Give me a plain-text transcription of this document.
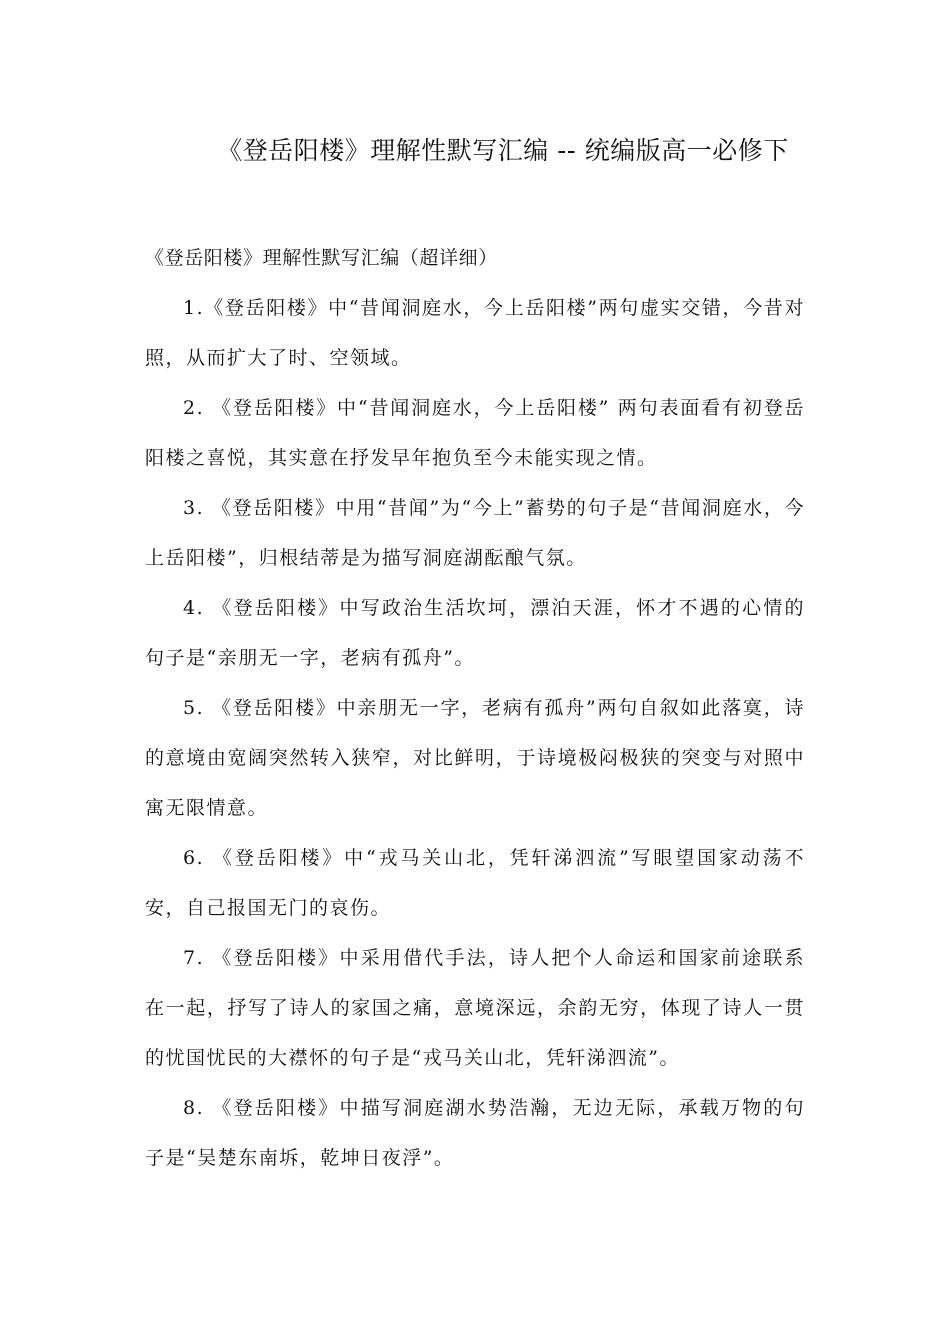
《登岳阳楼》理解性默写汇编 -- 统编版高一必修下

《登岳阳楼》理解性默写汇编（超详细）

1.《登岳阳楼》中“昔闻洞庭水，今上岳阳楼”两句虚实交错，今昔对照，从而扩大了时、空领域。

2. 《登岳阳楼》中“昔闻洞庭水，今上岳阳楼” 两句表面看有初登岳阳楼之喜悦，其实意在抒发早年抱负至今未能实现之情。

3. 《登岳阳楼》中用“昔闻”为“今上”蓄势的句子是“昔闻洞庭水，今上岳阳楼”，归根结蒂是为描写洞庭湖酝酿气氛。

4. 《登岳阳楼》中写政治生活坎坷，漂泊天涯，怀才不遇的心情的句子是“亲朋无一字，老病有孤舟”。

5. 《登岳阳楼》中亲朋无一字，老病有孤舟”两句自叙如此落寞，诗的意境由宽阔突然转入狭窄，对比鲜明，于诗境极闷极狭的突变与对照中寓无限情意。

6. 《登岳阳楼》中“戎马关山北，凭轩涕泗流”写眼望国家动荡不安，自己报国无门的哀伤。

7. 《登岳阳楼》中采用借代手法，诗人把个人命运和国家前途联系在一起，抒写了诗人的家国之痛，意境深远，余韵无穷，体现了诗人一贯的忧国忧民的大襟怀的句子是“戎马关山北，凭轩涕泗流”。

8. 《登岳阳楼》中描写洞庭湖水势浩瀚，无边无际，承载万物的句子是“吴楚东南坼，乾坤日夜浮”。
